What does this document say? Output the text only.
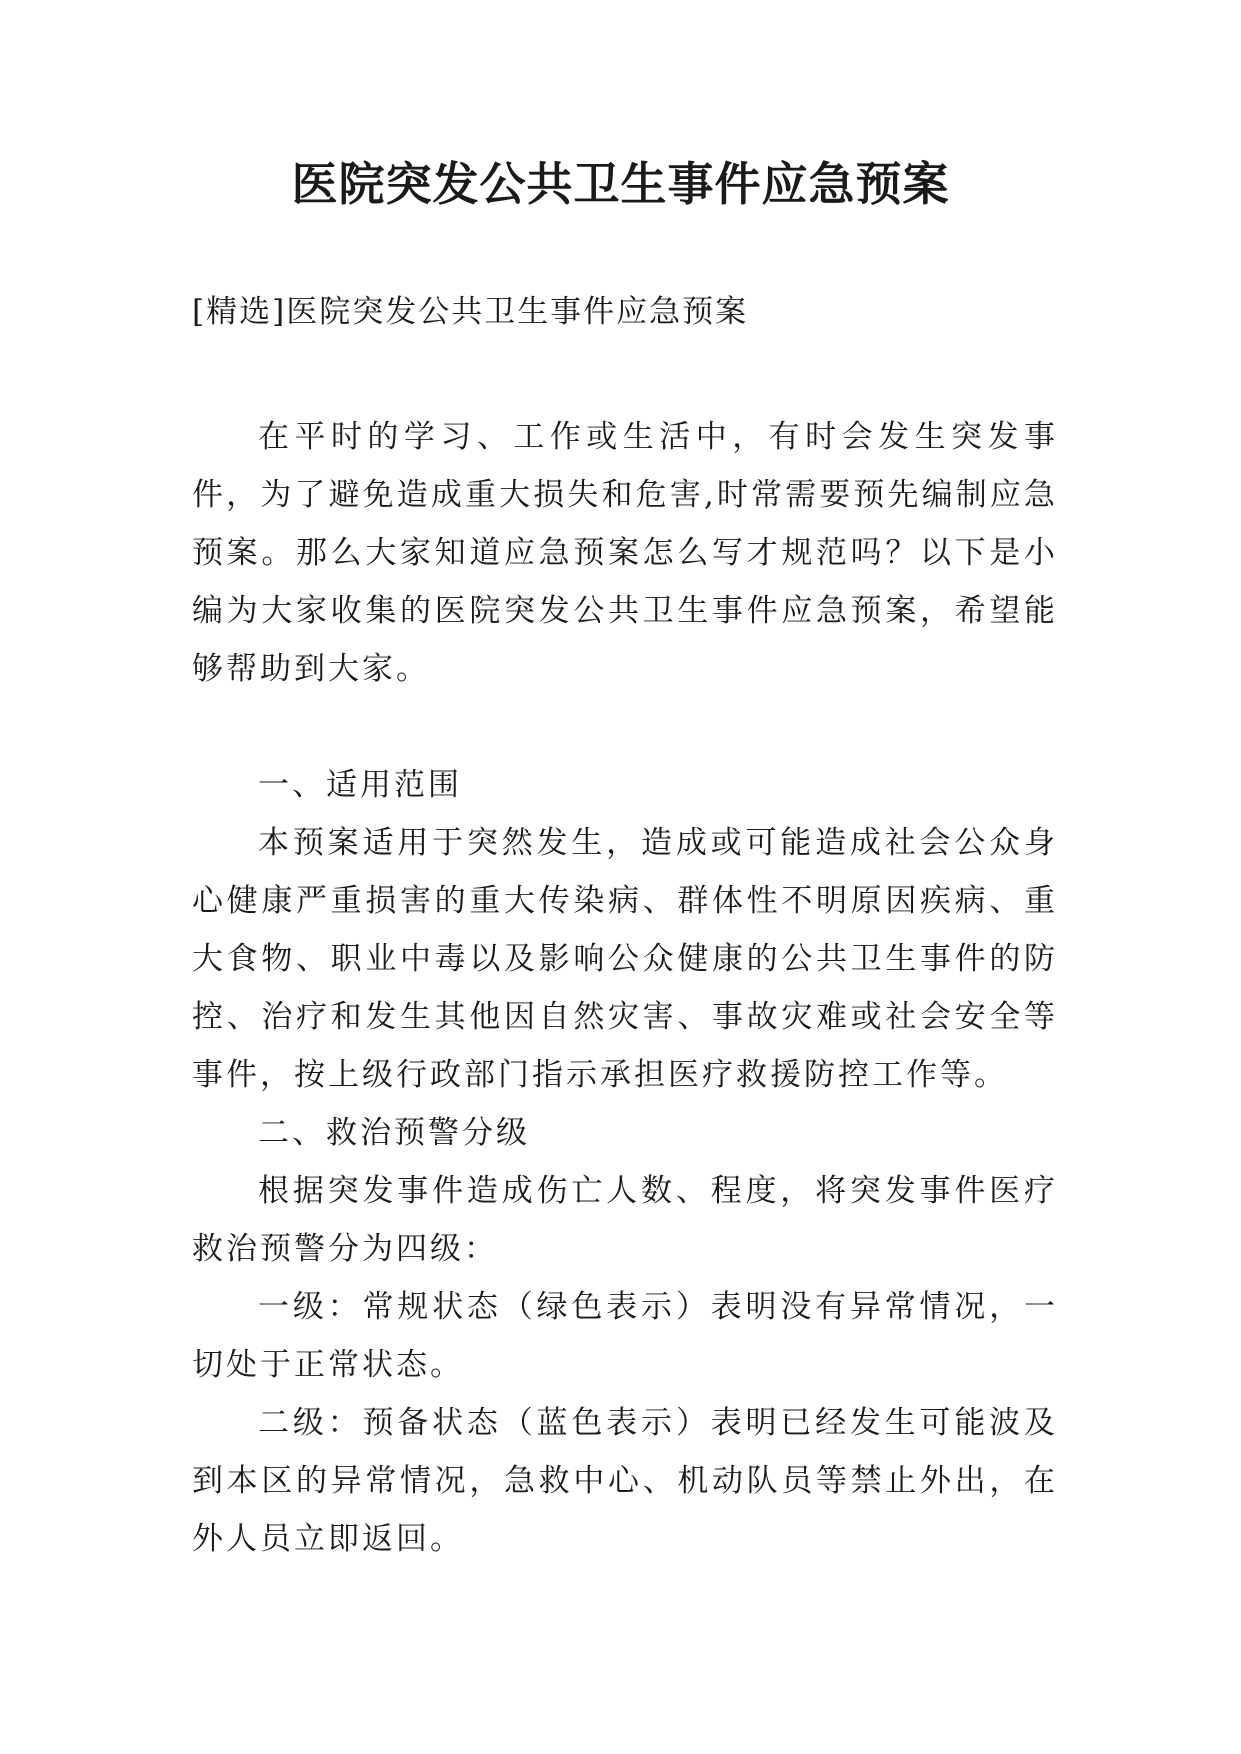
医院突发公共卫生事件应急预案

[精选]医院突发公共卫生事件应急预案

在平时的学习、工作或生活中，有时会发生突发事件，为了避免造成重大损失和危害,时常需要预先编制应急预案。那么大家知道应急预案怎么写才规范吗？以下是小编为大家收集的医院突发公共卫生事件应急预案，希望能够帮助到大家。

一、适用范围

本预案适用于突然发生，造成或可能造成社会公众身心健康严重损害的重大传染病、群体性不明原因疾病、重大食物、职业中毒以及影响公众健康的公共卫生事件的防控、治疗和发生其他因自然灾害、事故灾难或社会安全等事件，按上级行政部门指示承担医疗救援防控工作等。

二、救治预警分级

根据突发事件造成伤亡人数、程度，将突发事件医疗救治预警分为四级：

一级：常规状态（绿色表示）表明没有异常情况，一切处于正常状态。

二级：预备状态（蓝色表示）表明已经发生可能波及到本区的异常情况，急救中心、机动队员等禁止外出，在外人员立即返回。
